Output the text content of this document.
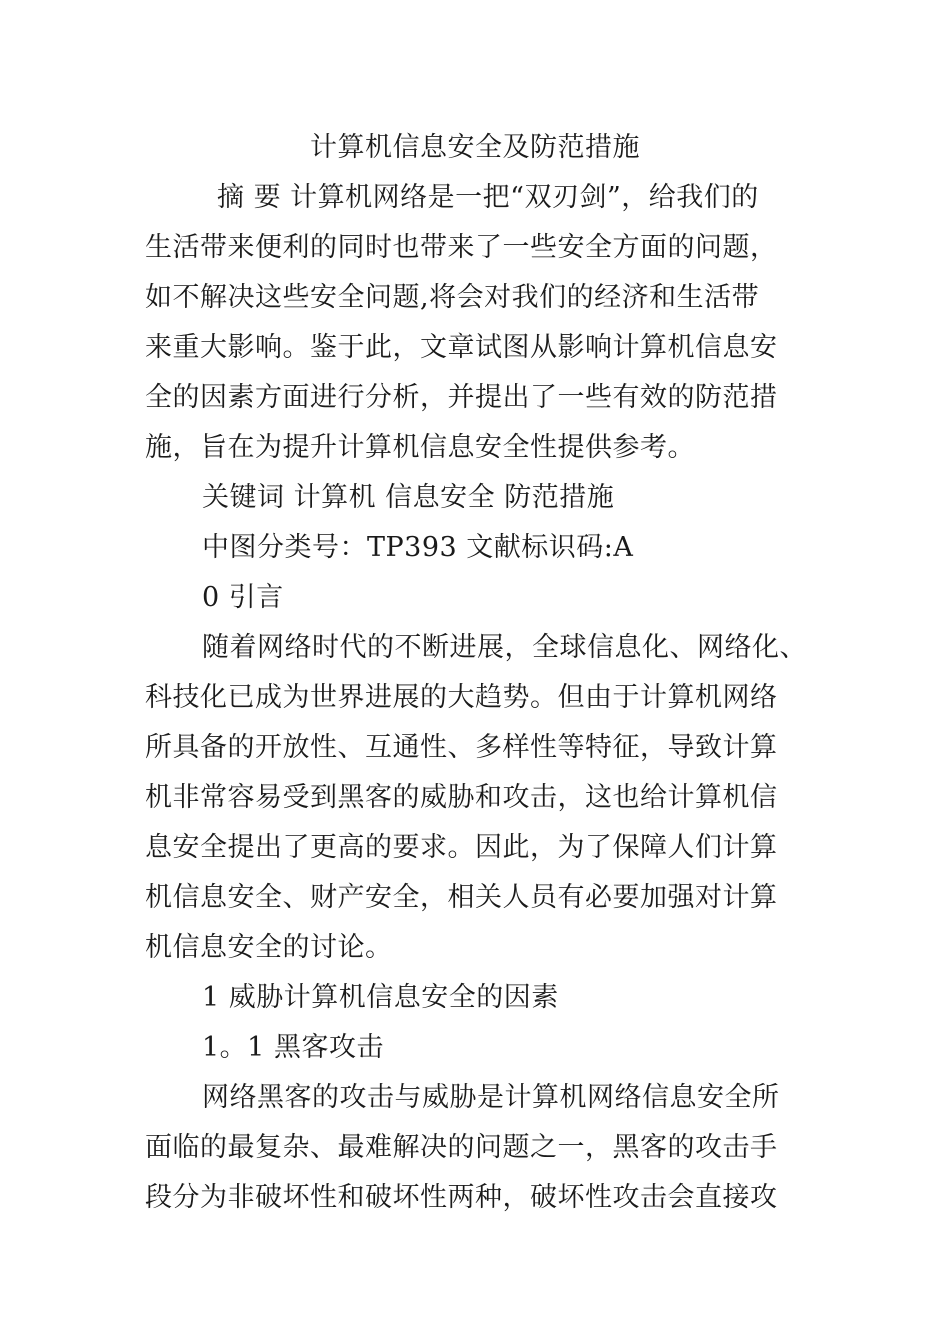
计算机信息安全及防范措施
摘 要 计算机网络是一把“双刃剑”，给我们的
生活带来便利的同时也带来了一些安全方面的问题，
如不解决这些安全问题,将会对我们的经济和生活带
来重大影响。鉴于此，文章试图从影响计算机信息安
全的因素方面进行分析，并提出了一些有效的防范措
施，旨在为提升计算机信息安全性提供参考。
关键词 计算机 信息安全 防范措施
中图分类号：TP393 文献标识码:A
0 引言
随着网络时代的不断进展，全球信息化、网络化、
科技化已成为世界进展的大趋势。但由于计算机网络
所具备的开放性、互通性、多样性等特征，导致计算
机非常容易受到黑客的威胁和攻击，这也给计算机信
息安全提出了更高的要求。因此，为了保障人们计算
机信息安全、财产安全，相关人员有必要加强对计算
机信息安全的讨论。
1 威胁计算机信息安全的因素
1。1 黑客攻击
网络黑客的攻击与威胁是计算机网络信息安全所
面临的最复杂、最难解决的问题之一，黑客的攻击手
段分为非破坏性和破坏性两种，破坏性攻击会直接攻
